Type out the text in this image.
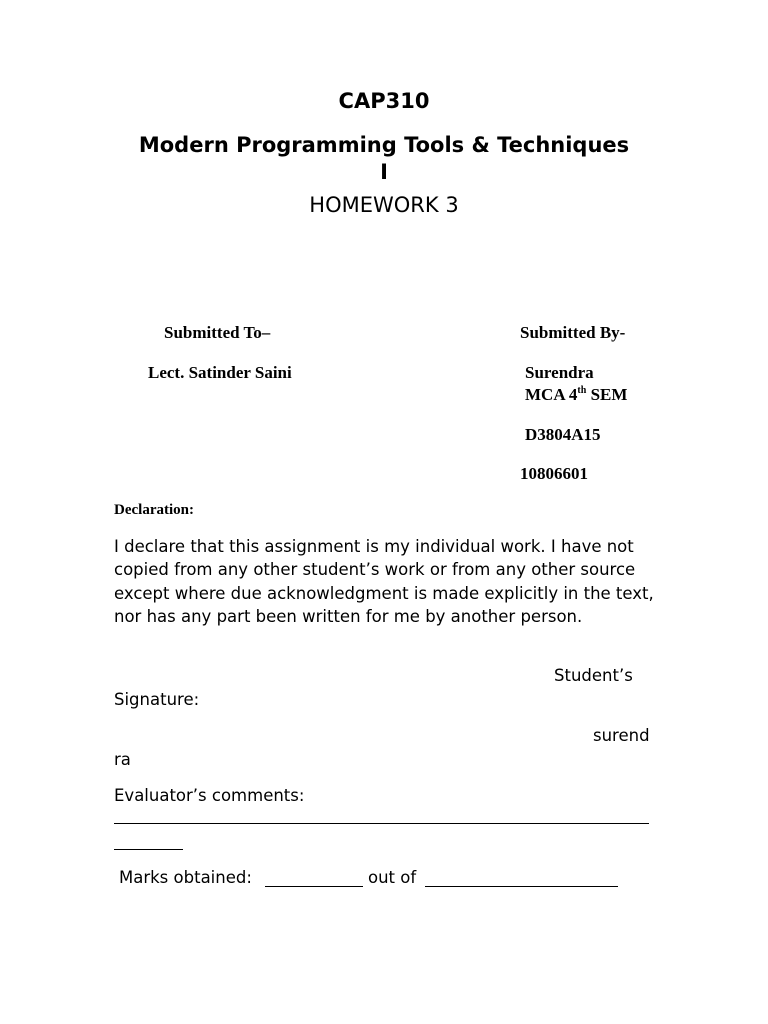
CAP310
Modern Programming Tools & Techniques
I
HOMEWORK 3
Submitted To–	Submitted By-
Lect. Satinder Saini	Surendra
MCA 4th SEM
D3804A15
10806601
Declaration:
I declare that this assignment is my individual work. I have not copied from any other student’s work or from any other source except where due acknowledgment is made explicitly in the text, nor has any part been written for me by another person.
Student’s
Signature:
surend
ra
Evaluator’s comments:
Marks obtained:	out of
